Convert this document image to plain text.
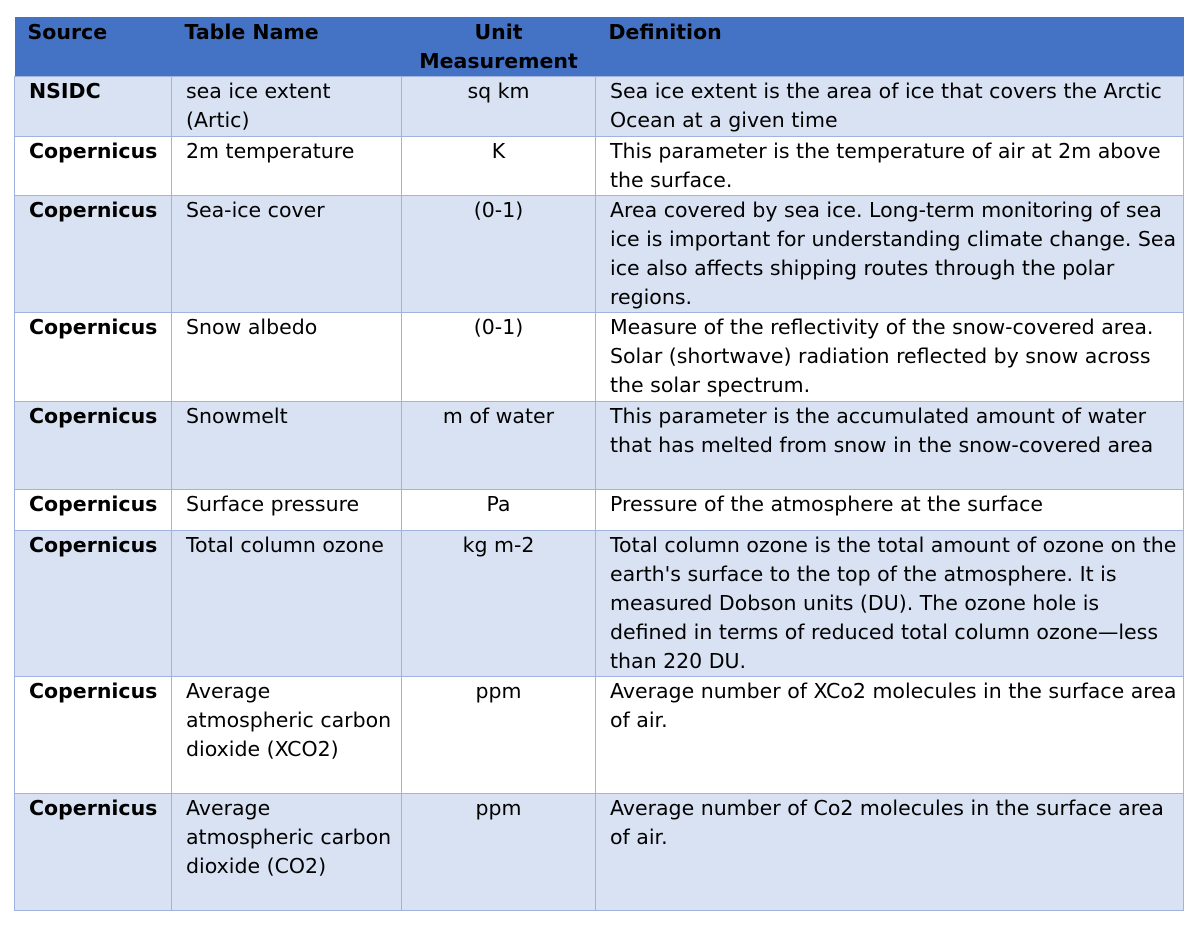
Source	Table Name	Unit Measurement	Definition
NSIDC	sea ice extent (Artic)	sq km	Sea ice extent is the area of ice that covers the Arctic Ocean at a given time
Copernicus	2m temperature	K	This parameter is the temperature of air at 2m above the surface.
Copernicus	Sea-ice cover	(0-1)	Area covered by sea ice. Long-term monitoring of sea ice is important for understanding climate change. Sea ice also affects shipping routes through the polar regions.
Copernicus	Snow albedo	(0-1)	Measure of the reflectivity of the snow-covered area. Solar (shortwave) radiation reflected by snow across the solar spectrum.
Copernicus	Snowmelt	m of water	This parameter is the accumulated amount of water that has melted from snow in the snow-covered area
Copernicus	Surface pressure	Pa	Pressure of the atmosphere at the surface
Copernicus	Total column ozone	kg m-2	Total column ozone is the total amount of ozone on the earth's surface to the top of the atmosphere. It is measured Dobson units (DU). The ozone hole is defined in terms of reduced total column ozone—less than 220 DU.
Copernicus	Average atmospheric carbon dioxide (XCO2)	ppm	Average number of XCo2 molecules in the surface area of air.
Copernicus	Average atmospheric carbon dioxide (CO2)	ppm	Average number of Co2 molecules in the surface area of air.
